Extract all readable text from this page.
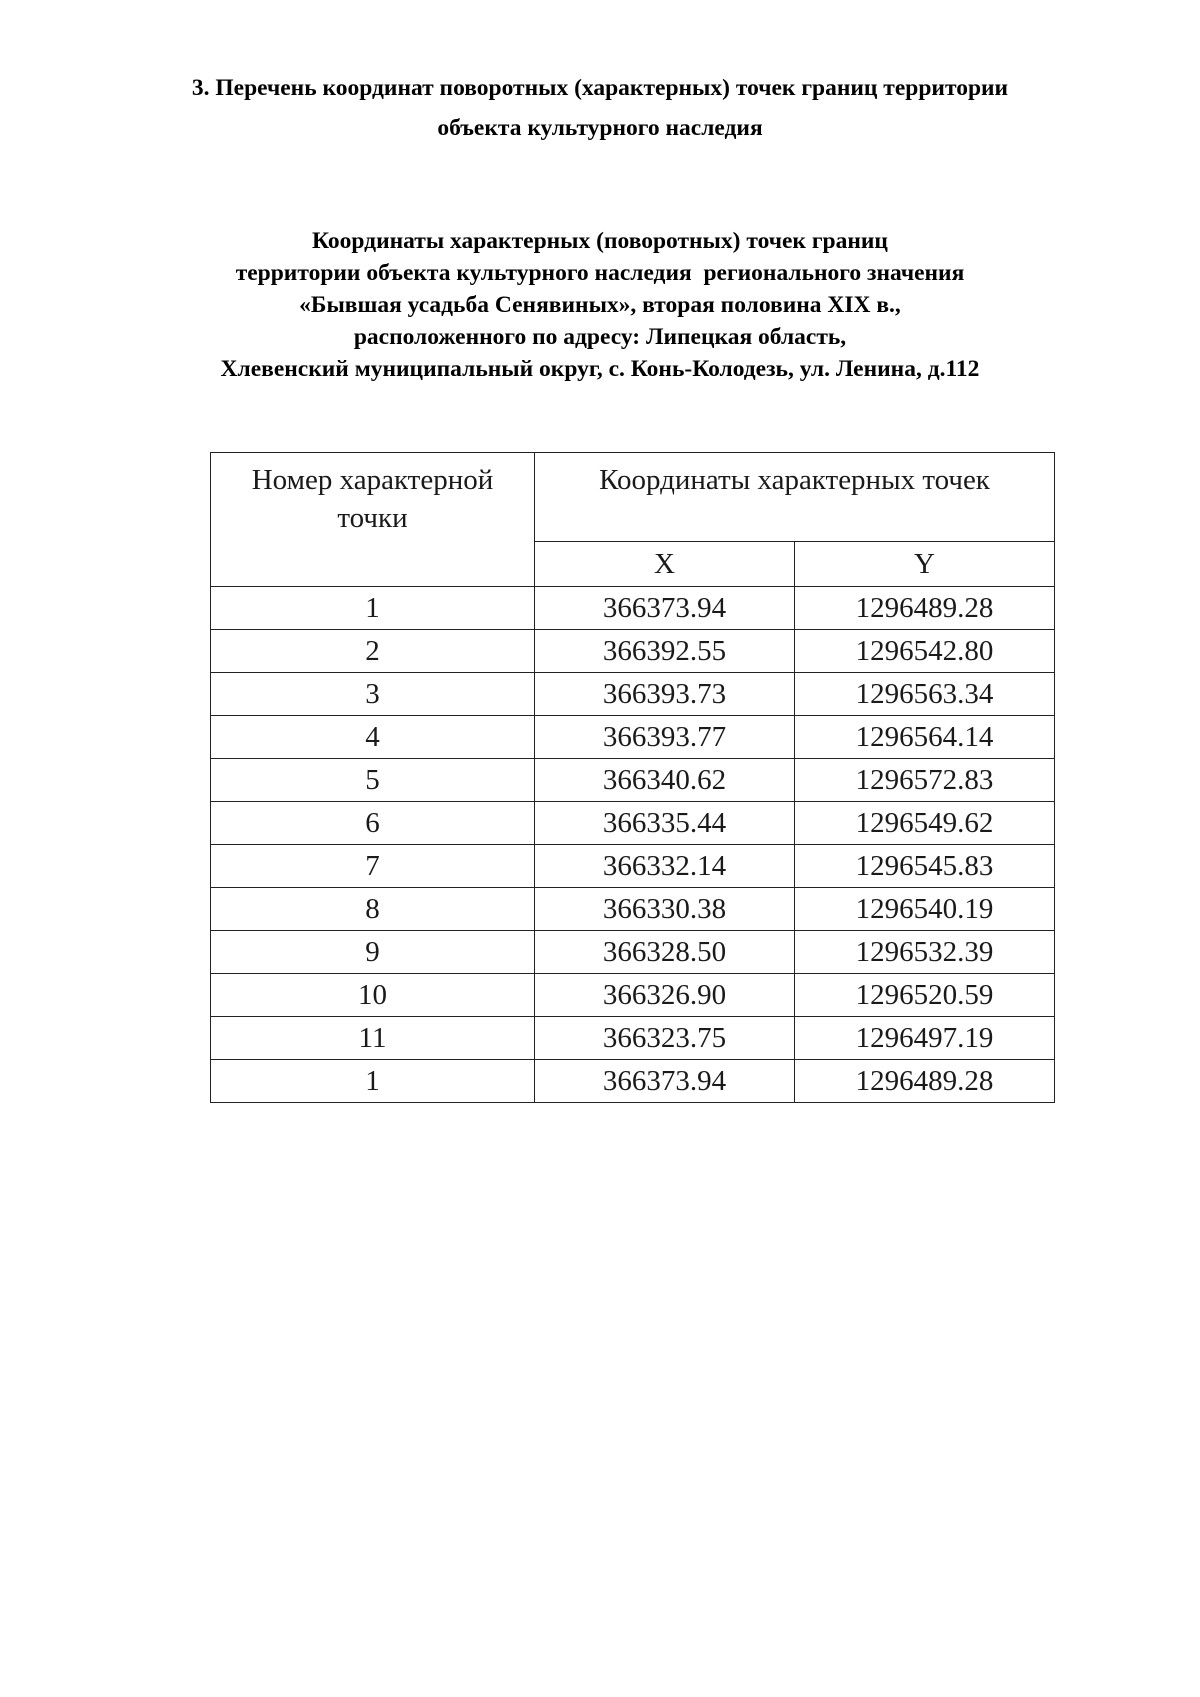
3. Перечень координат поворотных (характерных) точек границ территории
объекта культурного наследия
Координаты характерных (поворотных) точек границ
территории объекта культурного наследия  регионального значения
«Бывшая усадьба Сенявиных», вторая половина XIX в.,
расположенного по адресу: Липецкая область,
Хлевенский муниципальный округ, с. Конь-Колодезь, ул. Ленина, д.112
Номер характерной
точки	Координаты характерных точек	
	X	Y
1	366373.94	1296489.28
2	366392.55	1296542.80
3	366393.73	1296563.34
4	366393.77	1296564.14
5	366340.62	1296572.83
6	366335.44	1296549.62
7	366332.14	1296545.83
8	366330.38	1296540.19
9	366328.50	1296532.39
10	366326.90	1296520.59
11	366323.75	1296497.19
1	366373.94	1296489.28
